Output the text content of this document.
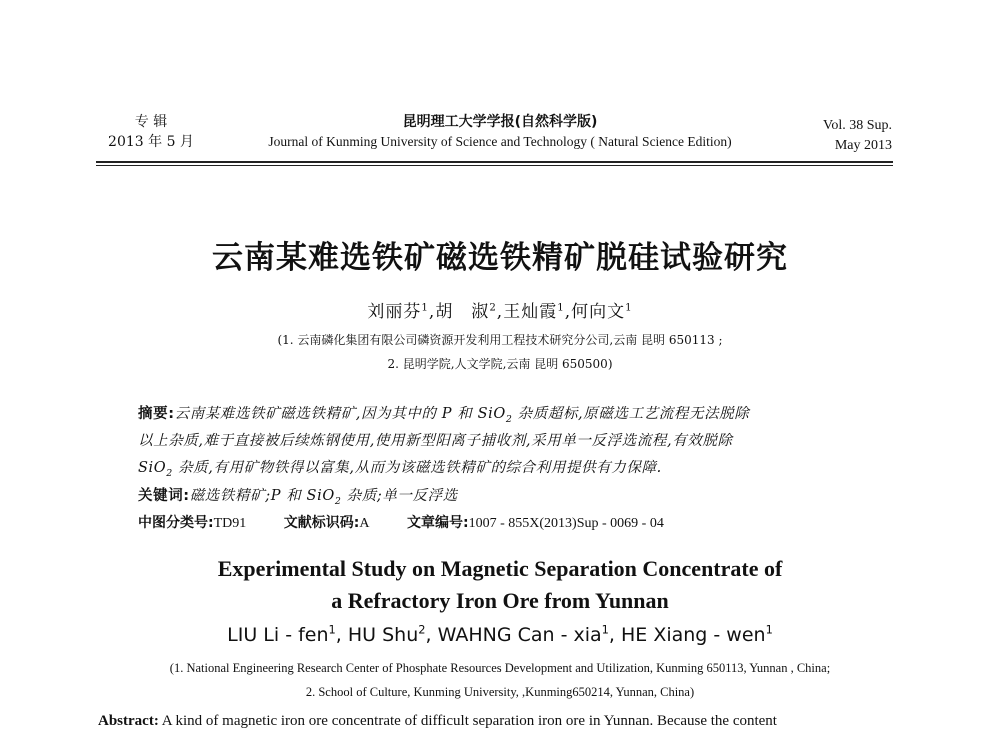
专 辑
2013 年 5 月
昆明理工大学学报(自然科学版)
Journal of Kunming University of Science and Technology ( Natural Science Edition)
Vol. 38 Sup.
May 2013
云南某难选铁矿磁选铁精矿脱硅试验研究
刘丽芬$^1$,胡　淑$^2$,王灿霞$^1$,何向文$^1$
(1. 云南磷化集团有限公司磷资源开发利用工程技术研究分公司,云南 昆明 650113 ;
2. 昆明学院,人文学院,云南 昆明 650500)
摘要:云南某难选铁矿磁选铁精矿,因为其中的 P 和 SiO$_2$ 杂质超标,原磁选工艺流程无法脱除
以上杂质,难于直接被后续炼钢使用,使用新型阳离子捕收剂,采用单一反浮选流程,有效脱除
SiO$_2$ 杂质,有用矿物铁得以富集,从而为该磁选铁精矿的综合利用提供有力保障.
关键词:磁选铁精矿;P 和 SiO$_2$ 杂质;单一反浮选
中图分类号:TD91	文献标识码:A	文章编号:1007 - 855X(2013)Sup - 0069 - 04
Experimental Study on Magnetic Separation Concentrate of
a Refractory Iron Ore from Yunnan
LIU Li - fen$^1$, HU Shu$^2$, WAHNG Can - xia$^1$, HE Xiang - wen$^1$
(1. National Engineering Research Center of Phosphate Resources Development and Utilization, Kunming 650113, Yunnan , China;
2. School of Culture, Kunming University, ,Kunming650214, Yunnan, China)
Abstract: A kind of magnetic iron ore concentrate of difficult separation iron ore in Yunnan. Because the content
